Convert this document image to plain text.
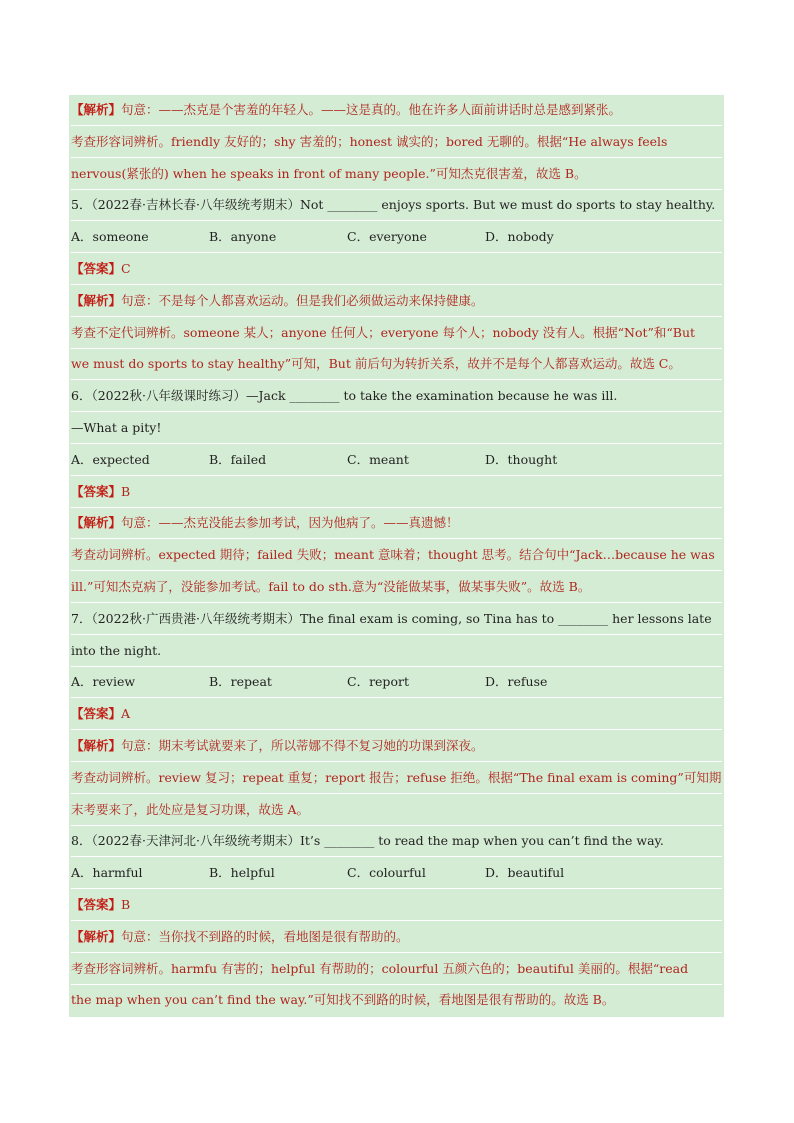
【解析】句意：——杰克是个害羞的年轻人。——这是真的。他在许多人面前讲话时总是感到紧张。
考查形容词辨析。friendly 友好的；shy 害羞的；honest 诚实的；bored 无聊的。根据“He always feels
nervous(紧张的) when he speaks in front of many people.”可知杰克很害羞，故选 B。
5．（2022春·吉林长春·八年级统考期末）Not ________ enjoys sports. But we must do sports to stay healthy.
A．someone	B．anyone	C．everyone	D．nobody
【答案】C
【解析】句意：不是每个人都喜欢运动。但是我们必须做运动来保持健康。
考查不定代词辨析。someone 某人；anyone 任何人；everyone 每个人；nobody 没有人。根据“Not”和“But
we must do sports to stay healthy”可知，But 前后句为转折关系，故并不是每个人都喜欢运动。故选 C。
6．（2022秋·八年级课时练习）—Jack ________ to take the examination because he was ill.
—What a pity!
A．expected	B．failed	C．meant	D．thought
【答案】B
【解析】句意：——杰克没能去参加考试，因为他病了。——真遗憾！
考查动词辨析。expected 期待；failed 失败；meant 意味着；thought 思考。结合句中“Jack…because he was
ill.”可知杰克病了，没能参加考试。fail to do sth.意为“没能做某事，做某事失败”。故选 B。
7．（2022秋·广西贵港·八年级统考期末）The final exam is coming, so Tina has to ________ her lessons late
into the night.
A．review	B．repeat	C．report	D．refuse
【答案】A
【解析】句意：期末考试就要来了，所以蒂娜不得不复习她的功课到深夜。
考查动词辨析。review 复习；repeat 重复；report 报告；refuse 拒绝。根据“The final exam is coming”可知期
末考要来了，此处应是复习功课，故选 A。
8．（2022春·天津河北·八年级统考期末）It’s ________ to read the map when you can’t find the way.
A．harmful	B．helpful	C．colourful	D．beautiful
【答案】B
【解析】句意：当你找不到路的时候，看地图是很有帮助的。
考查形容词辨析。harmfu 有害的；helpful 有帮助的；colourful 五颜六色的；beautiful 美丽的。根据“read
the map when you can’t find the way.”可知找不到路的时候，看地图是很有帮助的。故选 B。
